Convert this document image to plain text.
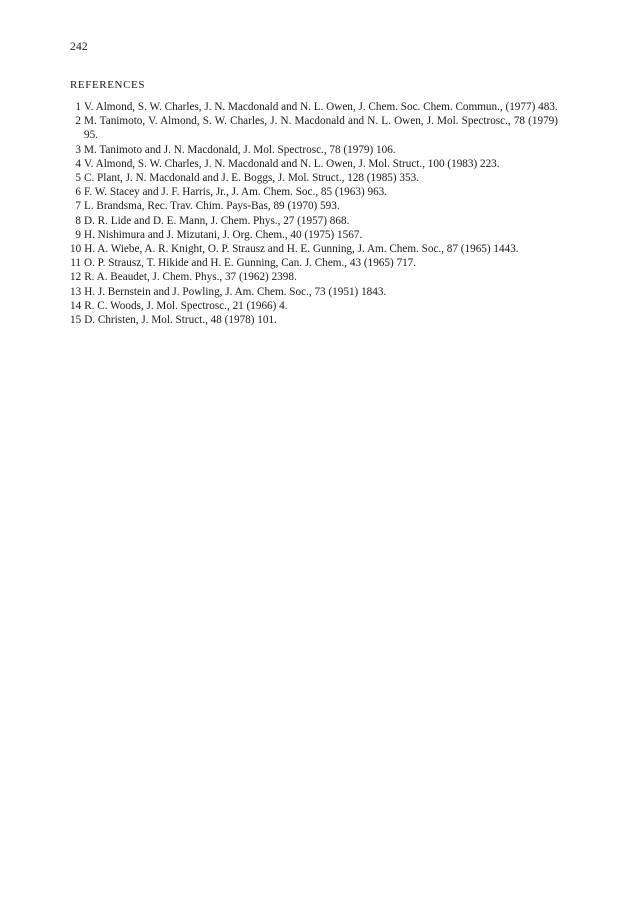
242
REFERENCES
1 V. Almond, S. W. Charles, J. N. Macdonald and N. L. Owen, J. Chem. Soc. Chem. Commun., (1977) 483.
2 M. Tanimoto, V. Almond, S. W. Charles, J. N. Macdonald and N. L. Owen, J. Mol. Spectrosc., 78 (1979) 95.
3 M. Tanimoto and J. N. Macdonald, J. Mol. Spectrosc., 78 (1979) 106.
4 V. Almond, S. W. Charles, J. N. Macdonald and N. L. Owen, J. Mol. Struct., 100 (1983) 223.
5 C. Plant, J. N. Macdonald and J. E. Boggs, J. Mol. Struct., 128 (1985) 353.
6 F. W. Stacey and J. F. Harris, Jr., J. Am. Chem. Soc., 85 (1963) 963.
7 L. Brandsma, Rec. Trav. Chim. Pays-Bas, 89 (1970) 593.
8 D. R. Lide and D. E. Mann, J. Chem. Phys., 27 (1957) 868.
9 H. Nishimura and J. Mizutani, J. Org. Chem., 40 (1975) 1567.
10 H. A. Wiebe, A. R. Knight, O. P. Strausz and H. E. Gunning, J. Am. Chem. Soc., 87 (1965) 1443.
11 O. P. Strausz, T. Hikide and H. E. Gunning, Can. J. Chem., 43 (1965) 717.
12 R. A. Beaudet, J. Chem. Phys., 37 (1962) 2398.
13 H. J. Bernstein and J. Powling, J. Am. Chem. Soc., 73 (1951) 1843.
14 R. C. Woods, J. Mol. Spectrosc., 21 (1966) 4.
15 D. Christen, J. Mol. Struct., 48 (1978) 101.
